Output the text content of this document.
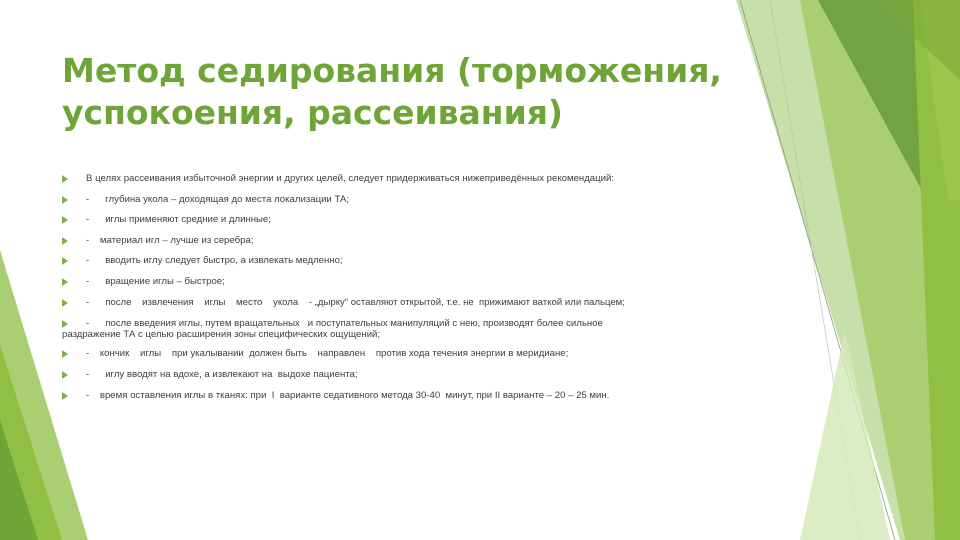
Метод седирования (торможения,
успокоения, рассеивания)
В целях рассеивания избыточной энергии и других целей, следует придерживаться нижеприведённых рекомендаций:
-      глубина укола – доходящая до места локализации ТА;
-      иглы применяют средние и длинные;
-    материал игл – лучше из серебра;
-      вводить иглу следует быстро, а извлекать медленно;
-      вращение иглы – быстрое;
-      после    извлечения    иглы    место    укола    - „дырку“ оставляют открытой, т.е. не  прижимают ваткой или пальцем;
-      после введения иглы, путем вращательных   и поступательных манипуляций с нею, производят более сильное
раздражение ТА с целью расширения зоны специфических ощущений;
-    кончик    иглы    при укалывании  должен быть    направлен    против хода течения энергии в меридиане;
-      иглу вводят на вдохе, а извлекают на  выдохе пациента;
-    время оставления иглы в тканях: при  I  варианте седативного метода 30-40  минут, при II варианте – 20 – 25 мин.
